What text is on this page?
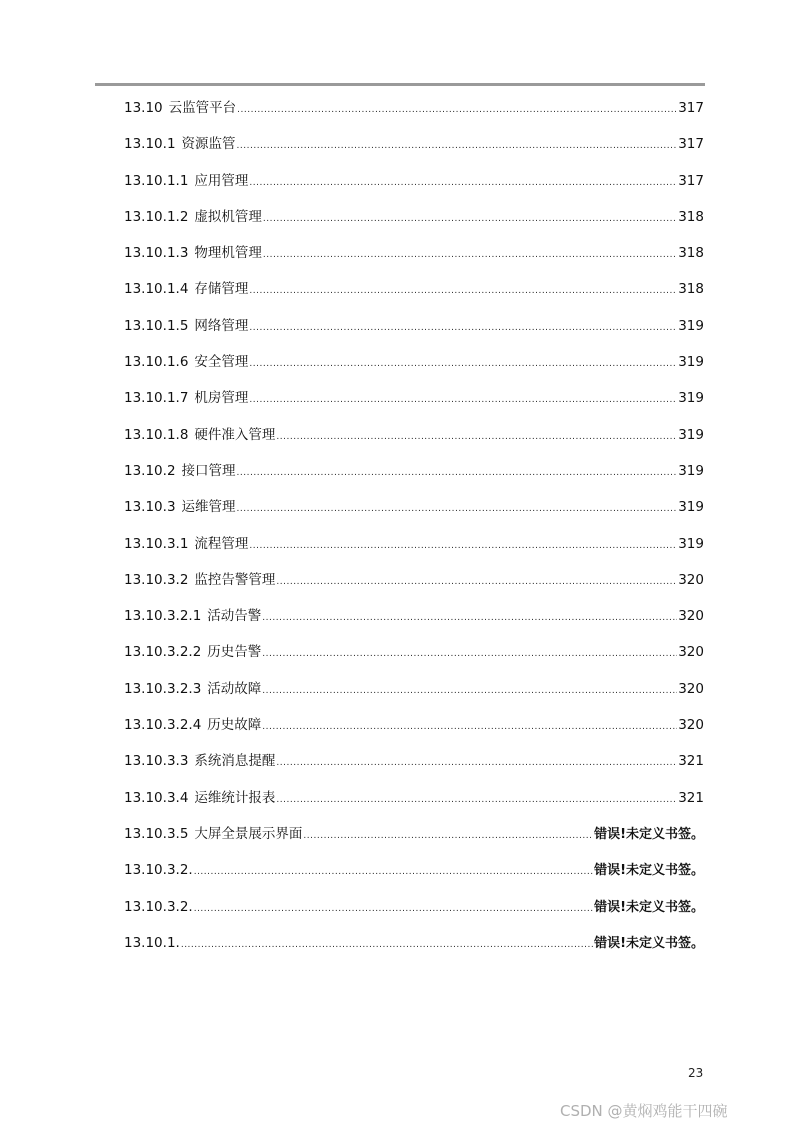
13.10 云监管平台 .....	317
13.10.1 资源监管 .....	317
13.10.1.1 应用管理 .....	317
13.10.1.2 虚拟机管理 .....	318
13.10.1.3 物理机管理 .....	318
13.10.1.4 存储管理 .....	318
13.10.1.5 网络管理 .....	319
13.10.1.6 安全管理 .....	319
13.10.1.7 机房管理 .....	319
13.10.1.8 硬件准入管理 .....	319
13.10.2 接口管理 .....	319
13.10.3 运维管理 .....	319
13.10.3.1 流程管理 .....	319
13.10.3.2 监控告警管理 .....	320
13.10.3.2.1 活动告警 .....	320
13.10.3.2.2 历史告警 .....	320
13.10.3.2.3 活动故障 .....	320
13.10.3.2.4 历史故障 .....	320
13.10.3.3 系统消息提醒 .....	321
13.10.3.4 运维统计报表 .....	321
13.10.3.5 大屏全景展示界面 .....	错误!未定义书签。
13.10.3.2. .....	错误!未定义书签。
13.10.3.2. .....	错误!未定义书签。
13.10.1. .....	错误!未定义书签。
23
CSDN @黄焖鸡能干四碗
